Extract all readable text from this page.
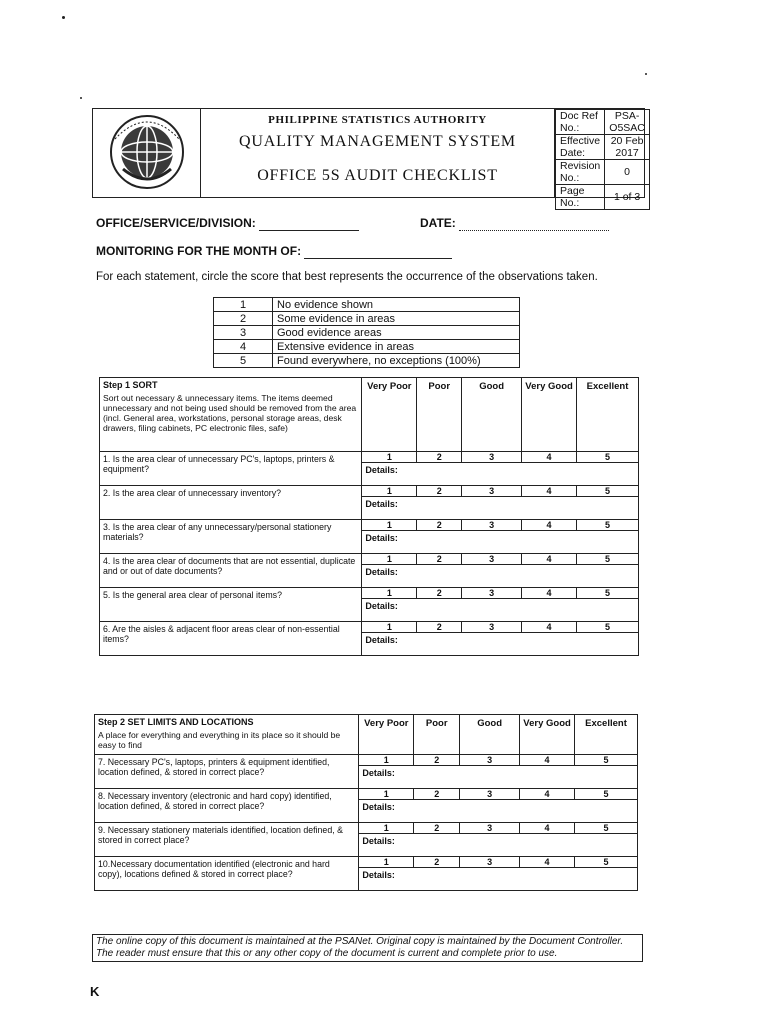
PHILIPPINE STATISTICS AUTHORITY
QUALITY MANAGEMENT SYSTEM
OFFICE 5S AUDIT CHECKLIST
Doc Ref No.:	PSA-O5SAC
Effective Date:	20 Feb 2017
Revision No.:	0
Page No.:	1 of 3
OFFICE/SERVICE/DIVISION:	DATE:
MONITORING FOR THE MONTH OF:
For each statement, circle the score that best represents the occurrence of the observations taken.
1	No evidence shown
2	Some evidence in areas
3	Good evidence areas
4	Extensive evidence in areas
5	Found everywhere, no exceptions (100%)
Step 1 SORT
Sort out necessary & unnecessary items. The items deemed unnecessary and not being used should be removed from the area (incl. General area, workstations, personal storage areas, desk drawers, filing cabinets, PC electronic files, safe)	Very Poor	Poor	Good	Very Good	Excellent
1. Is the area clear of unnecessary PC's, laptops, printers & equipment?	1	2	3	4	5
	Details:				
2. Is the area clear of unnecessary inventory?	1	2	3	4	5
	Details:				
3. Is the area clear of any unnecessary/personal stationery materials?	1	2	3	4	5
	Details:				
4. Is the area clear of documents that are not essential, duplicate and or out of date documents?	1	2	3	4	5
	Details:				
5. Is the general area clear of personal items?	1	2	3	4	5
	Details:				
6. Are the aisles & adjacent floor areas clear of non-essential items?	1	2	3	4	5
	Details:				
Step 2 SET LIMITS AND LOCATIONS
A place for everything and everything in its place so it should be easy to find	Very Poor	Poor	Good	Very Good	Excellent
7. Necessary PC's, laptops, printers & equipment identified, location defined, & stored in correct place?	1	2	3	4	5
	Details:				
8. Necessary inventory (electronic and hard copy) identified, location defined, & stored in correct place?	1	2	3	4	5
	Details:				
9. Necessary stationery materials identified, location defined, & stored in correct place?	1	2	3	4	5
	Details:				
10.Necessary documentation identified (electronic and hard copy), locations defined & stored in correct place?	1	2	3	4	5
	Details:				
The online copy of this document is maintained at the PSANet. Original copy is maintained by the Document Controller. The reader must ensure that this or any other copy of the document is current and complete prior to use.
K
